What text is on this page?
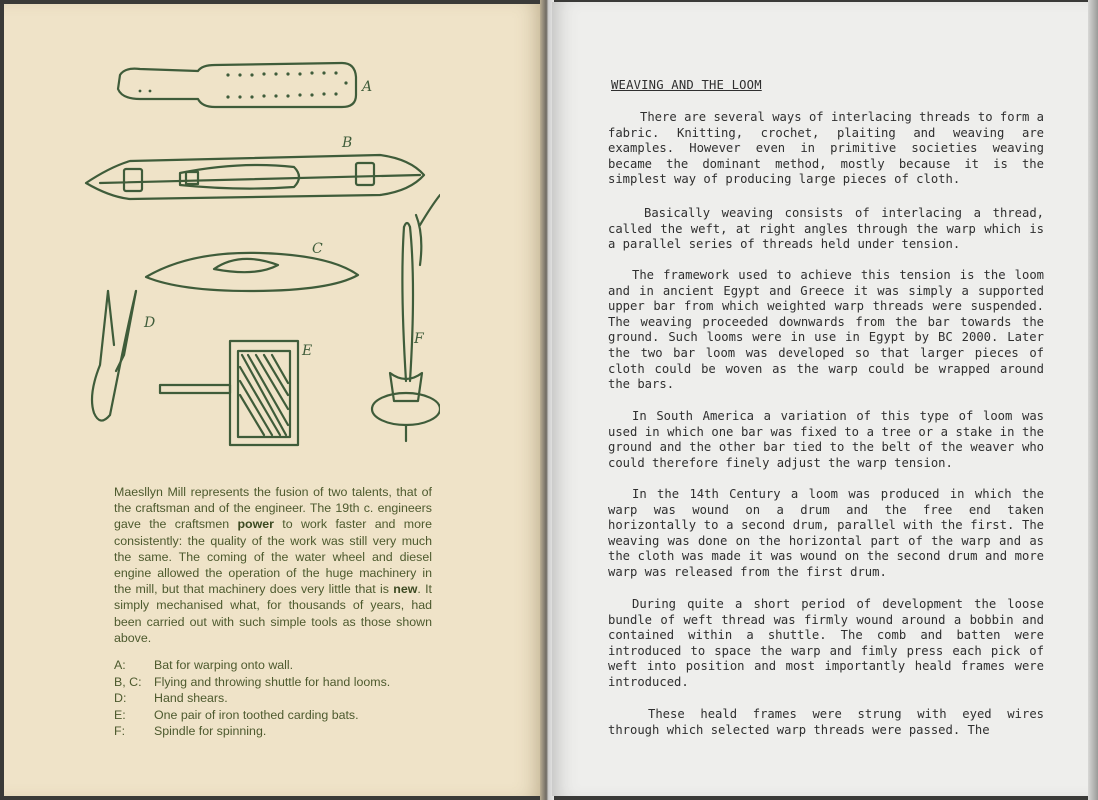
A
B
C
D
E
F
Maesllyn Mill represents the fusion of two talents, that of the craftsman and of the engineer. The 19th c. engineers gave the craftsmen power to work faster and more consistently: the quality of the work was still very much the same. The coming of the water wheel and diesel engine allowed the operation of the huge machinery in the mill, but that machinery does very little that is new. It simply mechanised what, for thousands of years, had been carried out with such simple tools as those shown above.
A:	Bat for warping onto wall.
B, C:	Flying and throwing shuttle for hand looms.
D:	Hand shears.
E:	One pair of iron toothed carding bats.
F:	Spindle for spinning.
WEAVING AND THE LOOM
There are several ways of interlacing threads to form a fabric. Knitting, crochet, plaiting and weaving are examples. However even in primitive societies weaving became the dominant method, mostly because it is the simplest way of producing large pieces of cloth.
Basically weaving consists of interlacing a thread, called the weft, at right angles through the warp which is a parallel series of threads held under tension.
The framework used to achieve this tension is the loom and in ancient Egypt and Greece it was simply a supported upper bar from which weighted warp threads were suspended. The weaving proceeded downwards from the bar towards the ground. Such looms were in use in Egypt by BC 2000. Later the two bar loom was developed so that larger pieces of cloth could be woven as the warp could be wrapped around the bars.
In South America a variation of this type of loom was used in which one bar was fixed to a tree or a stake in the ground and the other bar tied to the belt of the weaver who could therefore finely adjust the warp tension.
In the 14th Century a loom was produced in which the warp was wound on a drum and the free end taken horizontally to a second drum, parallel with the first. The weaving was done on the horizontal part of the warp and as the cloth was made it was wound on the second drum and more warp was released from the first drum.
During quite a short period of development the loose bundle of weft thread was firmly wound around a bobbin and contained within a shuttle. The comb and batten were introduced to space the warp and fimly press each pick of weft into position and most importantly heald frames were introduced.
These heald frames were strung with eyed wires through which selected warp threads were passed. The
